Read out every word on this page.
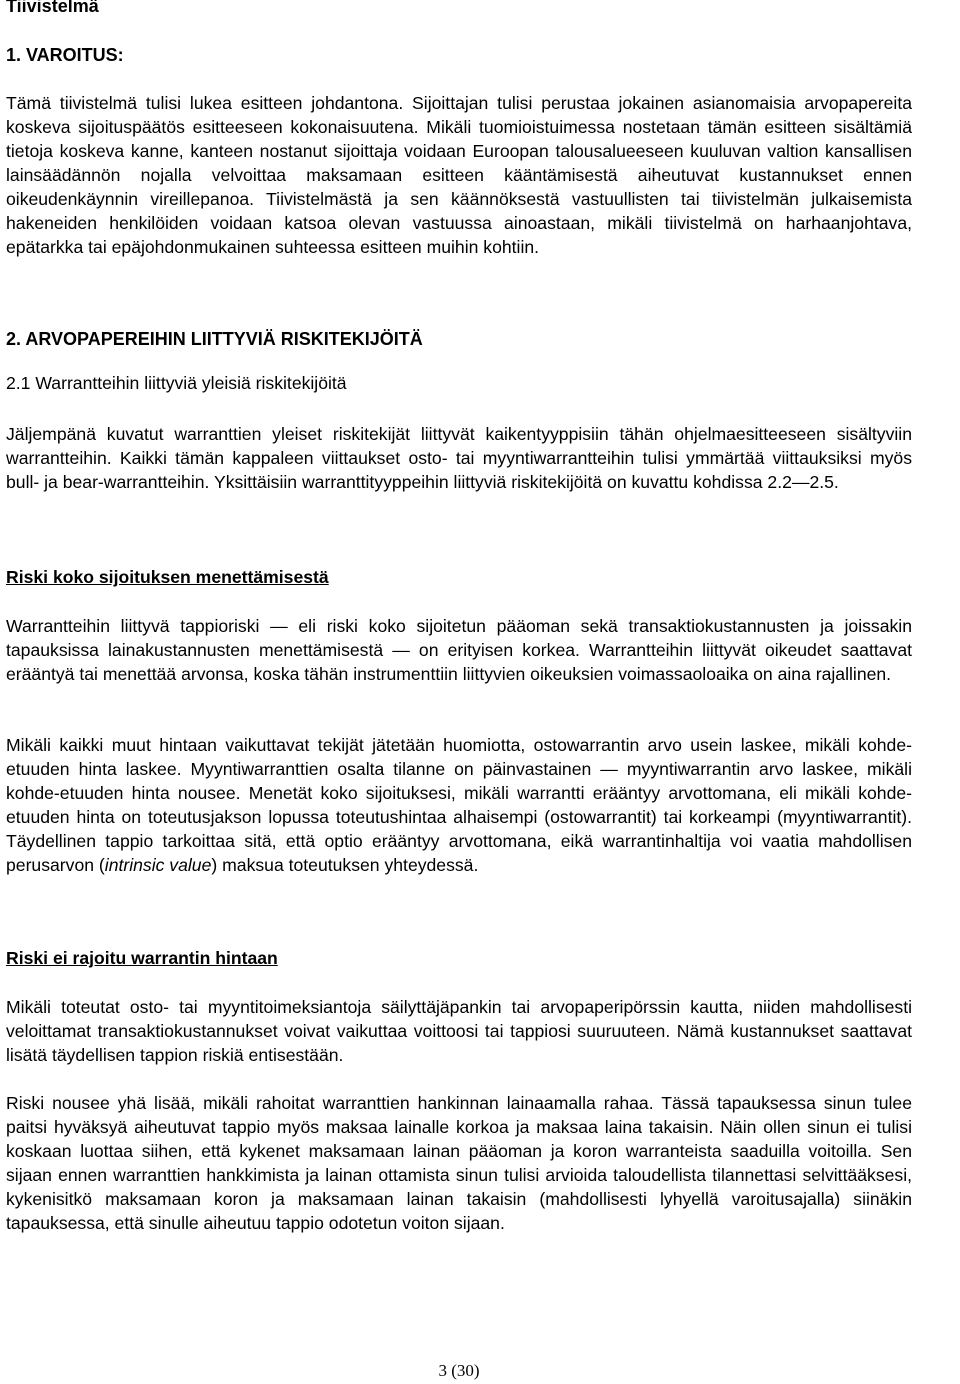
Tiivistelmä
1. VAROITUS:

Tämä tiivistelmä tulisi lukea esitteen johdantona. Sijoittajan tulisi perustaa jokainen asianomaisia arvopapereita koskeva sijoituspäätös esitteeseen kokonaisuutena. Mikäli tuomioistuimessa nostetaan tämän esitteen sisältämiä tietoja koskeva kanne, kanteen nostanut sijoittaja voidaan Euroopan talousalueeseen kuuluvan valtion kansallisen lainsäädännön nojalla velvoittaa maksamaan esitteen kääntämisestä aiheutuvat kustannukset ennen oikeudenkäynnin vireillepanoa. Tiivistelmästä ja sen käännöksestä vastuullisten tai tiivistelmän julkaisemista hakeneiden henkilöiden voidaan katsoa olevan vastuussa ainoastaan, mikäli tiivistelmä on harhaanjohtava, epätarkka tai epäjohdonmukainen suhteessa esitteen muihin kohtiin.

2. ARVOPAPEREIHIN LIITTYVIÄ RISKITEKIJÖITÄ
2.1 Warrantteihin liittyviä yleisiä riskitekijöitä

Jäljempänä kuvatut warranttien yleiset riskitekijät liittyvät kaikentyyppisiin tähän ohjelmaesitteeseen sisältyviin warrantteihin. Kaikki tämän kappaleen viittaukset osto- tai myyntiwarrantteihin tulisi ymmärtää viittauksiksi myös bull- ja bear-warrantteihin. Yksittäisiin warranttityyppeihin liittyviä riskitekijöitä on kuvattu kohdissa 2.2—2.5.

Riski koko sijoituksen menettämisestä

Warrantteihin liittyvä tappioriski — eli riski koko sijoitetun pääoman sekä transaktiokustannusten ja joissakin tapauksissa lainakustannusten menettämisestä — on erityisen korkea. Warrantteihin liittyvät oikeudet saattavat erääntyä tai menettää arvonsa, koska tähän instrumenttiin liittyvien oikeuksien voimassaoloaika on aina rajallinen.

Mikäli kaikki muut hintaan vaikuttavat tekijät jätetään huomiotta, ostowarrantin arvo usein laskee, mikäli kohde-etuuden hinta laskee. Myyntiwarranttien osalta tilanne on päinvastainen — myyntiwarrantin arvo laskee, mikäli kohde-etuuden hinta nousee. Menetät koko sijoituksesi, mikäli warrantti erääntyy arvottomana, eli mikäli kohde-etuuden hinta on toteutusjakson lopussa toteutushintaa alhaisempi (ostowarrantit) tai korkeampi (myyntiwarrantit). Täydellinen tappio tarkoittaa sitä, että optio erääntyy arvottomana, eikä warrantinhaltija voi vaatia mahdollisen perusarvon (intrinsic value) maksua toteutuksen yhteydessä.

Riski ei rajoitu warrantin hintaan

Mikäli toteutat osto- tai myyntitoimeksiantoja säilyttäjäpankin tai arvopaperipörssin kautta, niiden mahdollisesti veloittamat transaktiokustannukset voivat vaikuttaa voittoosi tai tappiosi suuruuteen. Nämä kustannukset saattavat lisätä täydellisen tappion riskiä entisestään.

Riski nousee yhä lisää, mikäli rahoitat warranttien hankinnan lainaamalla rahaa. Tässä tapauksessa sinun tulee paitsi hyväksyä aiheutuvat tappio myös maksaa lainalle korkoa ja maksaa laina takaisin. Näin ollen sinun ei tulisi koskaan luottaa siihen, että kykenet maksamaan lainan pääoman ja koron warranteista saaduilla voitoilla. Sen sijaan ennen warranttien hankkimista ja lainan ottamista sinun tulisi arvioida taloudellista tilannettasi selvittääksesi, kykenisitkö maksamaan koron ja maksamaan lainan takaisin (mahdollisesti lyhyellä varoitusajalla) siinäkin tapauksessa, että sinulle aiheutuu tappio odotetun voiton sijaan.

3 (30)
